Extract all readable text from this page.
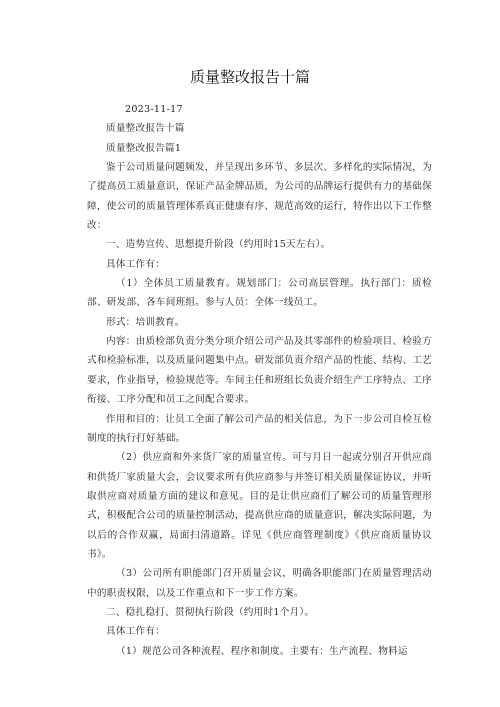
质量整改报告十篇

2023-11-17

质量整改报告十篇

质量整改报告篇1

鉴于公司质量问题频发，并呈现出多环节、多层次、多样化的实际情况，为了提高员工质量意识，保证产品金牌品质，为公司的品牌运行提供有力的基础保障，使公司的质量管理体系真正健康有序、规范高效的运行，特作出以下工作整改：

一、造势宣传、思想提升阶段（约用时15天左右）。

具体工作有：

（1）全体员工质量教育。规划部门：公司高层管理。执行部门：质检部、研发部、各车间班组。参与人员：全体一线员工。

形式：培训教育。

内容：由质检部负责分类分项介绍公司产品及其零部件的检验项目、检验方式和检验标准，以及质量问题集中点。研发部负责介绍产品的性能、结构、工艺要求，作业指导，检验规范等。车间主任和班组长负责介绍生产工序特点、工序衔接、工序分配和员工之间配合要求。

作用和目的：让员工全面了解公司产品的相关信息，为下一步公司自检互检制度的执行打好基础。

（2）供应商和外来货厂家的质量宣传。可与月日一起或分别召开供应商和供货厂家质量大会，会议要求所有供应商参与并签订相关质量保证协议，并听取供应商对质量方面的建议和意见。目的是让供应商们了解公司的质量管理形式，积极配合公司的质量控制活动，提高供应商的质量意识，解决实际问题，为以后的合作双赢，局面扫清道路。详见《供应商管理制度》《供应商质量协议书》。

（3）公司所有职能部门召开质量会议，明确各职能部门在质量管理活动中的职责权限，以及工作重点和下一步工作方案。

二、稳扎稳打、贯彻执行阶段（约用时1个月）。

具体工作有：

（1）规范公司各种流程、程序和制度。主要有：生产流程、物料运
